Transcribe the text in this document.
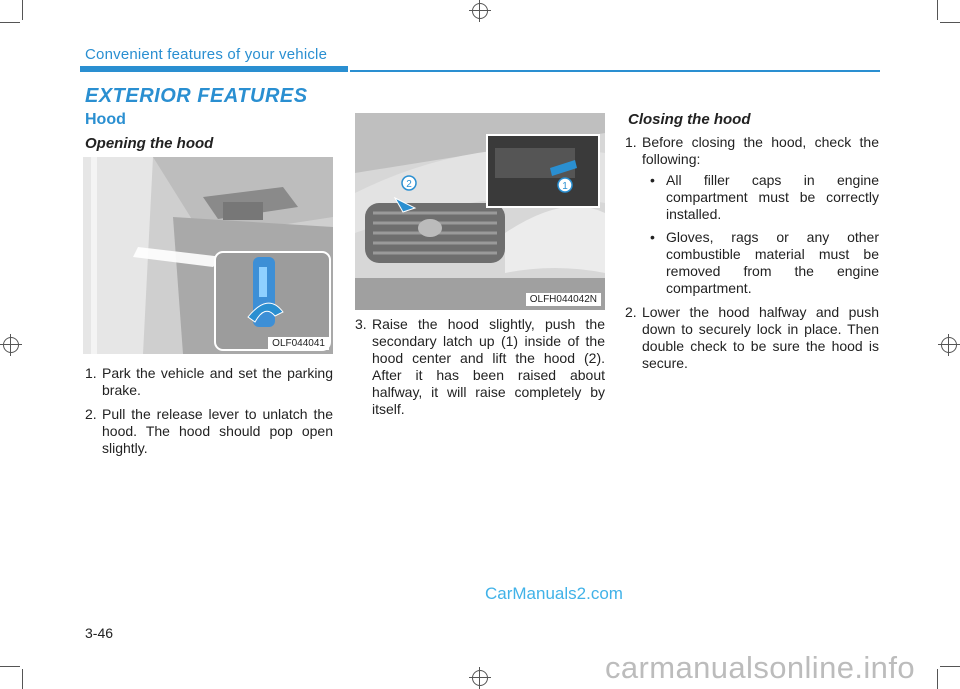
Convenient features of your vehicle
EXTERIOR FEATURES
Hood
Opening the hood
OLF044041
1. Park the vehicle and set the parking brake.
2. Pull the release lever to unlatch the hood. The hood should pop open slightly.
2	1
OLFH044042N
3. Raise the hood slightly, push the secondary latch up (1) inside of the hood center and lift the hood (2). After it has been raised about halfway, it will raise completely by itself.
Closing the hood
1. Before closing the hood, check the following:
• All filler caps in engine compartment must be correctly installed.
• Gloves, rags or any other combustible material must be removed from the engine compartment.
2. Lower the hood halfway and push down to securely lock in place. Then double check to be sure the hood is secure.
3-46
CarManuals2.com
carmanualsonline.info
